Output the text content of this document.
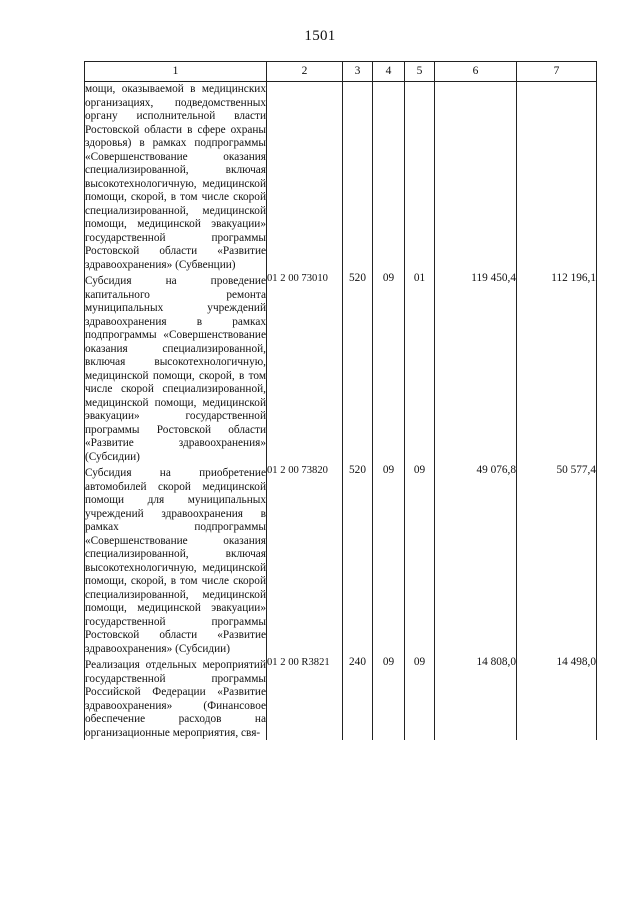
1501
1	2	3	4	5	6	7
мощи, оказываемой в медицинских организациях, подведомственных органу исполнительной власти Ростовской области в сфере охраны здоровья) в рамках подпрограммы «Совершенствование оказания специализированной, включая высокотехнологичную, медицинской помощи, скорой, в том числе скорой специализированной, медицинской помощи, медицинской эвакуации» государственной программы Ростовской области «Развитие здравоохранения» (Субвенции)						
Субсидия на проведение капитального ремонта муниципальных учреждений здравоохранения в рамках подпрограммы «Совершенствование оказания специализированной, включая высокотехнологичную, медицинской помощи, скорой, в том числе скорой специализированной, медицинской помощи, медицинской эвакуации» государственной программы Ростовской области «Развитие здравоохранения» (Субсидии)	01 2 00 73010	520	09	01	119 450,4	112 196,1
Субсидия на приобретение автомобилей скорой медицинской помощи для муниципальных учреждений здравоохранения в рамках подпрограммы «Совершенствование оказания специализированной, включая высокотехнологичную, медицинской помощи, скорой, в том числе скорой специализированной, медицинской помощи, медицинской эвакуации» государственной программы Ростовской области «Развитие здравоохранения» (Субсидии)	01 2 00 73820	520	09	09	49 076,8	50 577,4
Реализация отдельных мероприятий государственной программы Российской Федерации «Развитие здравоохранения» (Финансовое обеспечение расходов на организационные мероприятия, свя-	01 2 00 R3821	240	09	09	14 808,0	14 498,0
